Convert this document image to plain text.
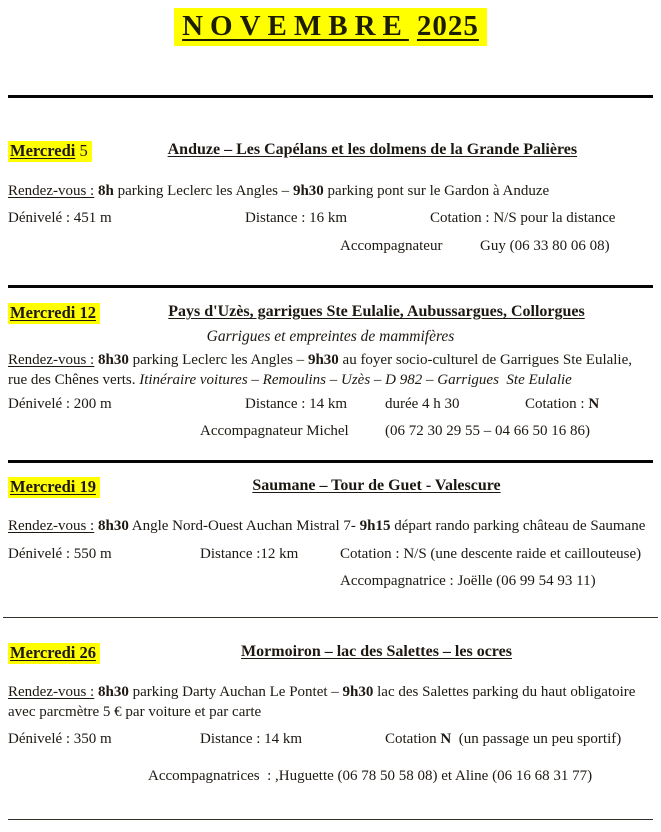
NOVEMBRE 2025
Mercredi 5	Anduze – Les Capélans et les dolmens de la Grande Palières
Rendez-vous : 8h parking Leclerc les Angles – 9h30 parking pont sur le Gardon à Anduze
Dénivelé : 451 m	Distance : 16 km	Cotation : N/S pour la distance
Accompagnateur	Guy (06 33 80 06 08)
Mercredi 12	Pays d'Uzès, garrigues Ste Eulalie, Aubussargues, Collorgues
Garrigues et empreintes de mammifères
Rendez-vous : 8h30 parking Leclerc les Angles – 9h30 au foyer socio-culturel de Garrigues Ste Eulalie, rue des Chênes verts. Itinéraire voitures – Remoulins – Uzès – D 982 – Garrigues  Ste Eulalie
Dénivelé : 200 m	Distance : 14 km	durée 4 h 30	Cotation : N
Accompagnateur Michel (06 72 30 29 55 – 04 66 50 16 86)
Mercredi 19	Saumane – Tour de Guet - Valescure
Rendez-vous : 8h30 Angle Nord-Ouest Auchan Mistral 7- 9h15 départ rando parking château de Saumane
Dénivelé : 550 m	Distance :12 km	Cotation : N/S (une descente raide et caillouteuse)
Accompagnatrice : Joëlle (06 99 54 93 11)
Mercredi 26	Mormoiron – lac des Salettes – les ocres
Rendez-vous : 8h30 parking Darty Auchan Le Pontet – 9h30 lac des Salettes parking du haut obligatoire avec parcmètre 5 € par voiture et par carte
Dénivelé : 350 m	Distance : 14 km	Cotation N  (un passage un peu sportif)
Accompagnatrices  : ,Huguette (06 78 50 58 08) et Aline (06 16 68 31 77)
